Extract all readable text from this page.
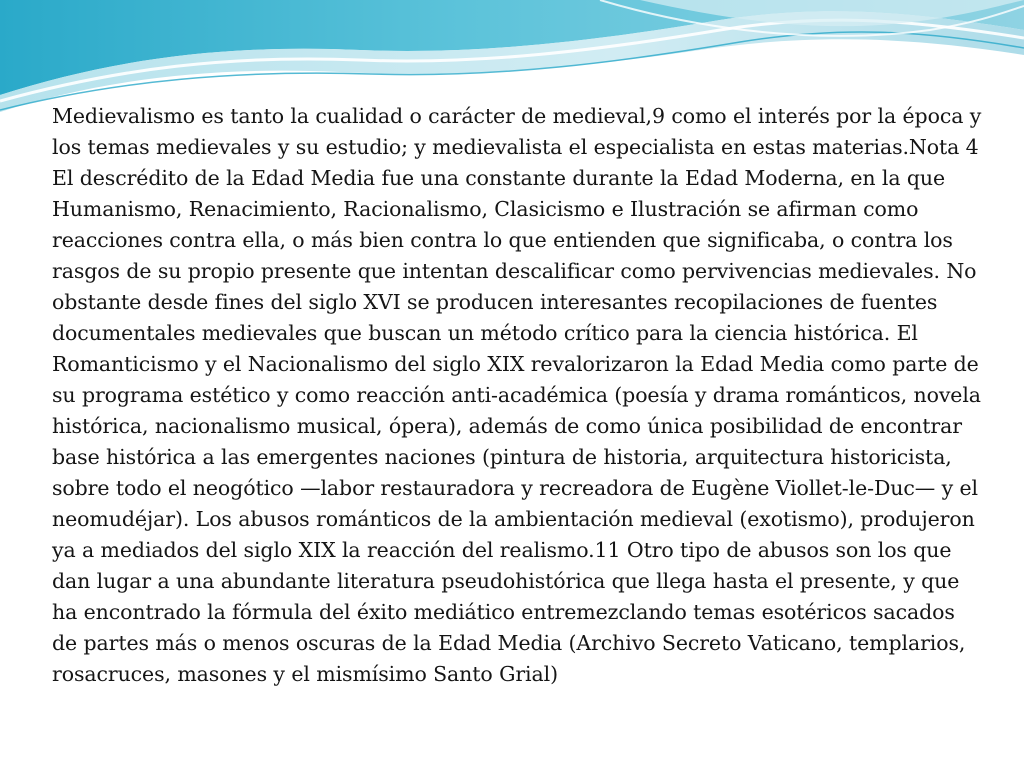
Medievalismo es tanto la cualidad o carácter de medieval,9 como el interés por la época y los temas medievales y su estudio; y medievalista el especialista en estas materias.Nota 4 El descrédito de la Edad Media fue una constante durante la Edad Moderna, en la que Humanismo, Renacimiento, Racionalismo, Clasicismo e Ilustración se afirman como reacciones contra ella, o más bien contra lo que entienden que significaba, o contra los rasgos de su propio presente que intentan descalificar como pervivencias medievales. No obstante desde fines del siglo XVI se producen interesantes recopilaciones de fuentes documentales medievales que buscan un método crítico para la ciencia histórica. El Romanticismo y el Nacionalismo del siglo XIX revalorizaron la Edad Media como parte de su programa estético y como reacción anti-académica (poesía y drama románticos, novela histórica, nacionalismo musical, ópera), además de como única posibilidad de encontrar base histórica a las emergentes naciones (pintura de historia, arquitectura historicista, sobre todo el neogótico —labor restauradora y recreadora de Eugène Viollet-le-Duc— y el neomudéjar). Los abusos románticos de la ambientación medieval (exotismo), produjeron ya a mediados del siglo XIX la reacción del realismo.11 Otro tipo de abusos son los que dan lugar a una abundante literatura pseudohistórica que llega hasta el presente, y que ha encontrado la fórmula del éxito mediático entremezclando temas esotéricos sacados de partes más o menos oscuras de la Edad Media (Archivo Secreto Vaticano, templarios, rosacruces, masones y el mismísimo Santo Grial)
